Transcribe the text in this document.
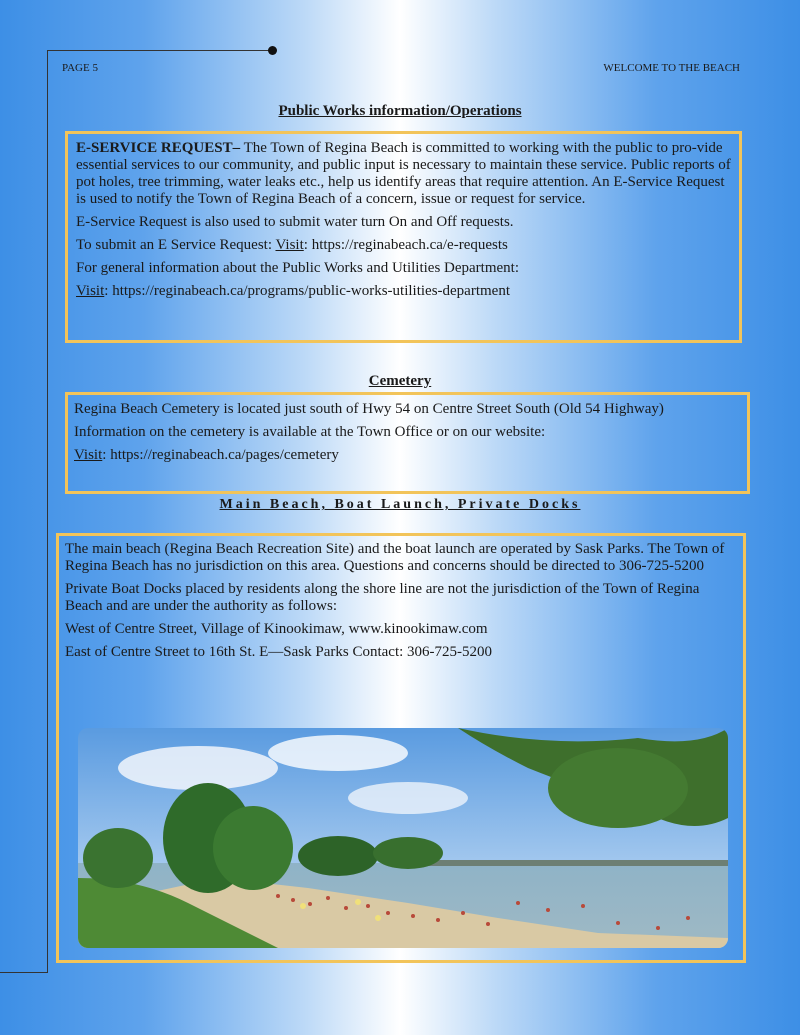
PAGE 5	WELCOME TO THE BEACH
Public Works information/Operations

E-SERVICE REQUEST– The Town of Regina Beach is committed to working with the public to pro-vide essential services to our community, and public input is necessary to maintain these service. Public reports of pot holes, tree trimming, water leaks etc., help us identify areas that require attention. An E-Service Request is used to notify the Town of Regina Beach of a concern, issue or request for service.

E-Service Request is also used to submit water turn On and Off requests.

To submit an E Service Request: Visit: https://reginabeach.ca/e-requests

For general information about the Public Works and Utilities Department:

Visit: https://reginabeach.ca/programs/public-works-utilities-department

Cemetery

Regina Beach Cemetery is located just south of Hwy 54 on Centre Street South (Old 54 Highway)

Information on the cemetery is available at the Town Office or on our website:

Visit: https://reginabeach.ca/pages/cemetery

Main Beach, Boat Launch, Private Docks

The main beach (Regina Beach Recreation Site) and the boat launch are operated by Sask Parks. The Town of Regina Beach has no jurisdiction on this area. Questions and concerns should be directed to 306-725-5200

Private Boat Docks placed by residents along the shore line are not the jurisdiction of the Town of Regina Beach and are under the authority as follows:

West of Centre Street, Village of Kinookimaw, www.kinookimaw.com

East of Centre Street to 16th St. E—Sask Parks Contact: 306-725-5200
